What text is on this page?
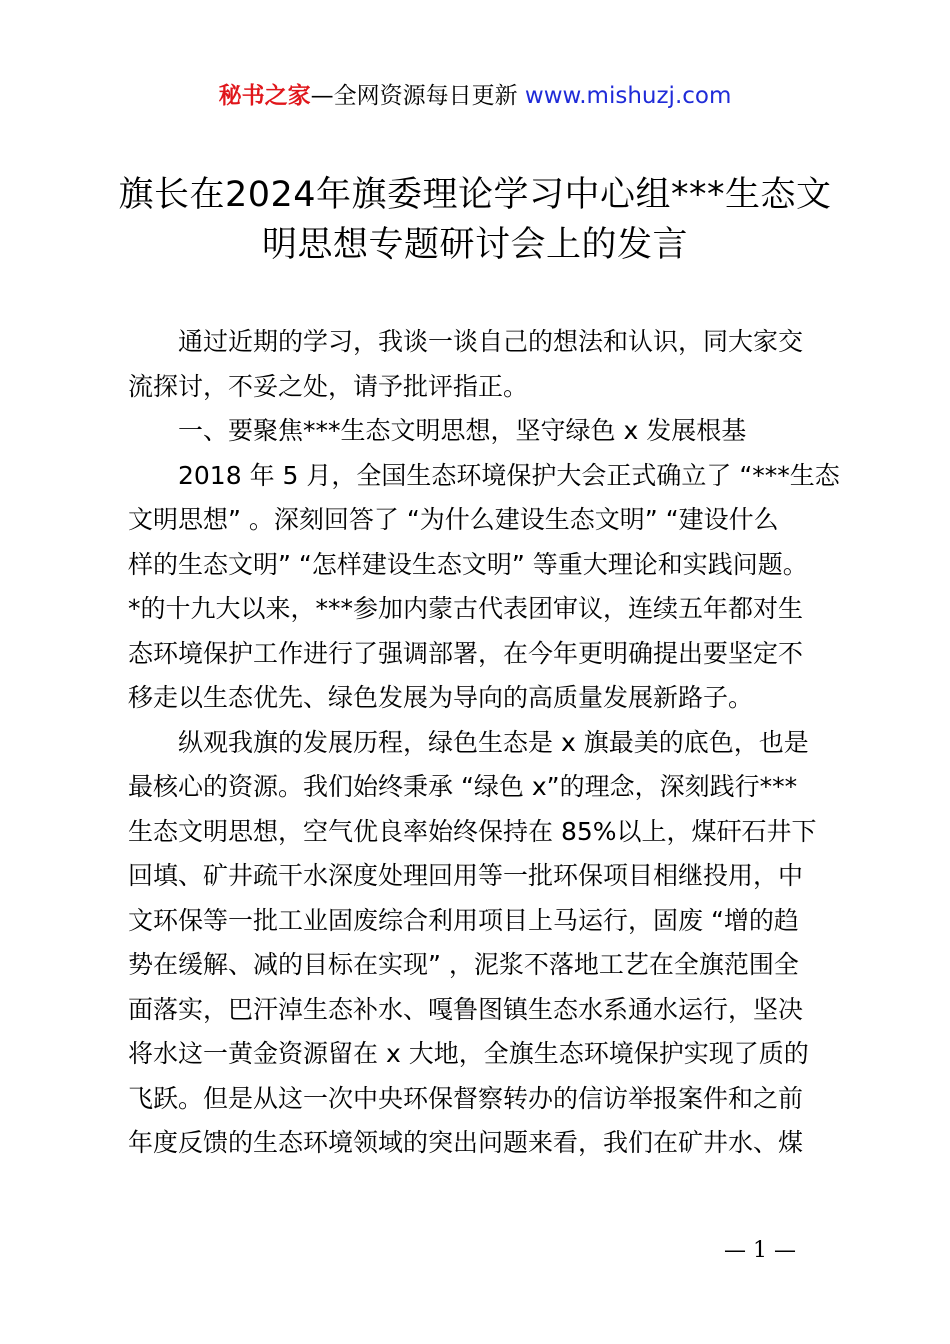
秘书之家—全网资源每日更新 www.mishuzj.com
旗长在2024年旗委理论学习中心组***生态文
明思想专题研讨会上的发言
通过近期的学习，我谈一谈自己的想法和认识，同大家交
流探讨，不妥之处，请予批评指正。
一、要聚焦***生态文明思想，坚守绿色 x 发展根基
2018 年 5 月，全国生态环境保护大会正式确立了 “***生态
文明思想” 。深刻回答了 “为什么建设生态文明” “建设什么
样的生态文明” “怎样建设生态文明” 等重大理论和实践问题。
*的十九大以来，***参加内蒙古代表团审议，连续五年都对生
态环境保护工作进行了强调部署，在今年更明确提出要坚定不
移走以生态优先、绿色发展为导向的高质量发展新路子。
纵观我旗的发展历程，绿色生态是 x 旗最美的底色，也是
最核心的资源。我们始终秉承 “绿色 x”的理念，深刻践行***
生态文明思想，空气优良率始终保持在 85%以上，煤矸石井下
回填、矿井疏干水深度处理回用等一批环保项目相继投用，中
文环保等一批工业固废综合利用项目上马运行，固废 “增的趋
势在缓解、减的目标在实现” ，泥浆不落地工艺在全旗范围全
面落实，巴汗淖生态补水、嘎鲁图镇生态水系通水运行，坚决
将水这一黄金资源留在 x 大地，全旗生态环境保护实现了质的
飞跃。但是从这一次中央环保督察转办的信访举报案件和之前
年度反馈的生态环境领域的突出问题来看，我们在矿井水、煤
— 1 —
